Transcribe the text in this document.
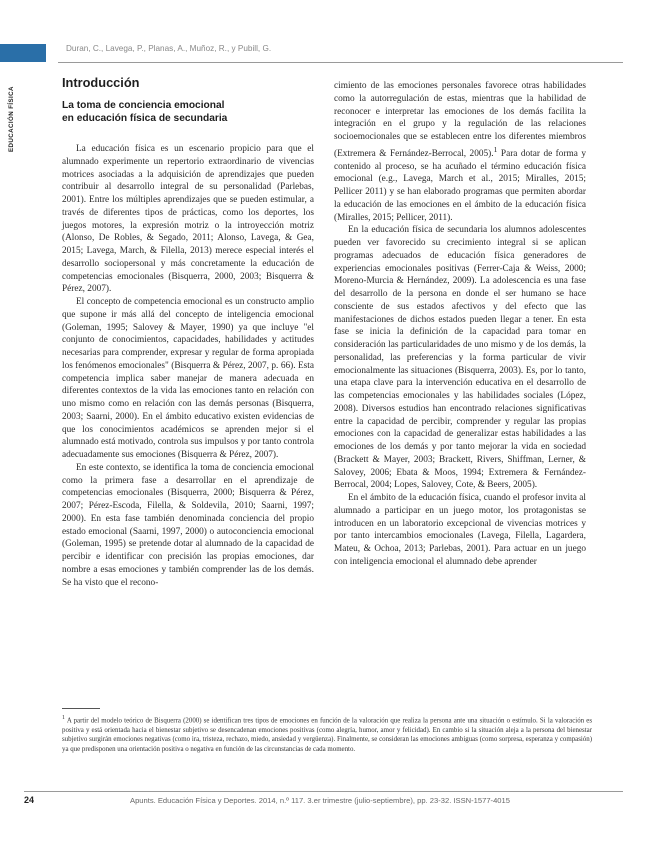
EDUCACIÓN FÍSICA
Duran, C., Lavega, P., Planas, A., Muñoz, R., y Pubill, G.
Introducción
La toma de conciencia emocional
en educación física de secundaria

La educación física es un escenario propicio para que el alumnado experimente un repertorio extraordinario de vivencias motrices asociadas a la adquisición de aprendizajes que pueden contribuir al desarrollo integral de su personalidad (Parlebas, 2001). Entre los múltiples aprendizajes que se pueden estimular, a través de diferentes tipos de prácticas, como los deportes, los juegos motores, la expresión motriz o la introyección motriz (Alonso, De Robles, & Segado, 2011; Alonso, Lavega, & Gea, 2015; Lavega, March, & Filella, 2013) merece especial interés el desarrollo sociopersonal y más concretamente la educación de competencias emocionales (Bisquerra, 2000, 2003; Bisquerra & Pérez, 2007).

El concepto de competencia emocional es un constructo amplio que supone ir más allá del concepto de inteligencia emocional (Goleman, 1995; Salovey & Mayer, 1990) ya que incluye "el conjunto de conocimientos, capacidades, habilidades y actitudes necesarias para comprender, expresar y regular de forma apropiada los fenómenos emocionales" (Bisquerra & Pérez, 2007, p. 66). Esta competencia implica saber manejar de manera adecuada en diferentes contextos de la vida las emociones tanto en relación con uno mismo como en relación con las demás personas (Bisquerra, 2003; Saarni, 2000). En el ámbito educativo existen evidencias de que los conocimientos académicos se aprenden mejor si el alumnado está motivado, controla sus impulsos y por tanto controla adecuadamente sus emociones (Bisquerra & Pérez, 2007).

En este contexto, se identifica la toma de conciencia emocional como la primera fase a desarrollar en el aprendizaje de competencias emocionales (Bisquerra, 2000; Bisquerra & Pérez, 2007; Pérez-Escoda, Filella, & Soldevila, 2010; Saarni, 1997; 2000). En esta fase también denominada conciencia del propio estado emocional (Saarni, 1997, 2000) o autoconciencia emocional (Goleman, 1995) se pretende dotar al alumnado de la capacidad de percibir e identificar con precisión las propias emociones, dar nombre a esas emociones y también comprender las de los demás. Se ha visto que el recono-

cimiento de las emociones personales favorece otras habilidades como la autorregulación de estas, mientras que la habilidad de reconocer e interpretar las emociones de los demás facilita la integración en el grupo y la regulación de las relaciones socioemocionales que se establecen entre los diferentes miembros (Extremera & Fernández-Berrocal, 2005).$^1$ Para dotar de forma y contenido al proceso, se ha acuñado el término educación física emocional (e.g., Lavega, March et al., 2015; Miralles, 2015; Pellicer 2011) y se han elaborado programas que permiten abordar la educación de las emociones en el ámbito de la educación física (Miralles, 2015; Pellicer, 2011).

En la educación física de secundaria los alumnos adolescentes pueden ver favorecido su crecimiento integral si se aplican programas adecuados de educación física generadores de experiencias emocionales positivas (Ferrer-Caja & Weiss, 2000; Moreno-Murcia & Hernández, 2009). La adolescencia es una fase del desarrollo de la persona en donde el ser humano se hace consciente de sus estados afectivos y del efecto que las manifestaciones de dichos estados pueden llegar a tener. En esta fase se inicia la definición de la capacidad para tomar en consideración las particularidades de uno mismo y de los demás, la personalidad, las preferencias y la forma particular de vivir emocionalmente las situaciones (Bisquerra, 2003). Es, por lo tanto, una etapa clave para la intervención educativa en el desarrollo de las competencias emocionales y las habilidades sociales (López, 2008). Diversos estudios han encontrado relaciones significativas entre la capacidad de percibir, comprender y regular las propias emociones con la capacidad de generalizar estas habilidades a las emociones de los demás y por tanto mejorar la vida en sociedad (Brackett & Mayer, 2003; Brackett, Rivers, Shiffman, Lerner, & Salovey, 2006; Ebata & Moos, 1994; Extremera & Fernández-Berrocal, 2004; Lopes, Salovey, Cote, & Beers, 2005).

En el ámbito de la educación física, cuando el profesor invita al alumnado a participar en un juego motor, los protagonistas se introducen en un laboratorio excepcional de vivencias motrices y por tanto intercambios emocionales (Lavega, Filella, Lagardera, Mateu, & Ochoa, 2013; Parlebas, 2001). Para actuar en un juego con inteligencia emocional el alumnado debe aprender

$^1$ A partir del modelo teórico de Bisquerra (2000) se identifican tres tipos de emociones en función de la valoración que realiza la persona ante una situación o estímulo. Si la valoración es positiva y está orientada hacia el bienestar subjetivo se desencadenan emociones positivas (como alegría, humor, amor y felicidad). En cambio si la situación aleja a la persona del bienestar subjetivo surgirán emociones negativas (como ira, tristeza, rechazo, miedo, ansiedad y vergüenza). Finalmente, se consideran las emociones ambiguas (como sorpresa, esperanza y compasión) ya que predisponen una orientación positiva o negativa en función de las circunstancias de cada momento.
24	Apunts. Educación Física y Deportes. 2014, n.º 117. 3.er trimestre (julio-septiembre), pp. 23-32. ISSN-1577-4015
